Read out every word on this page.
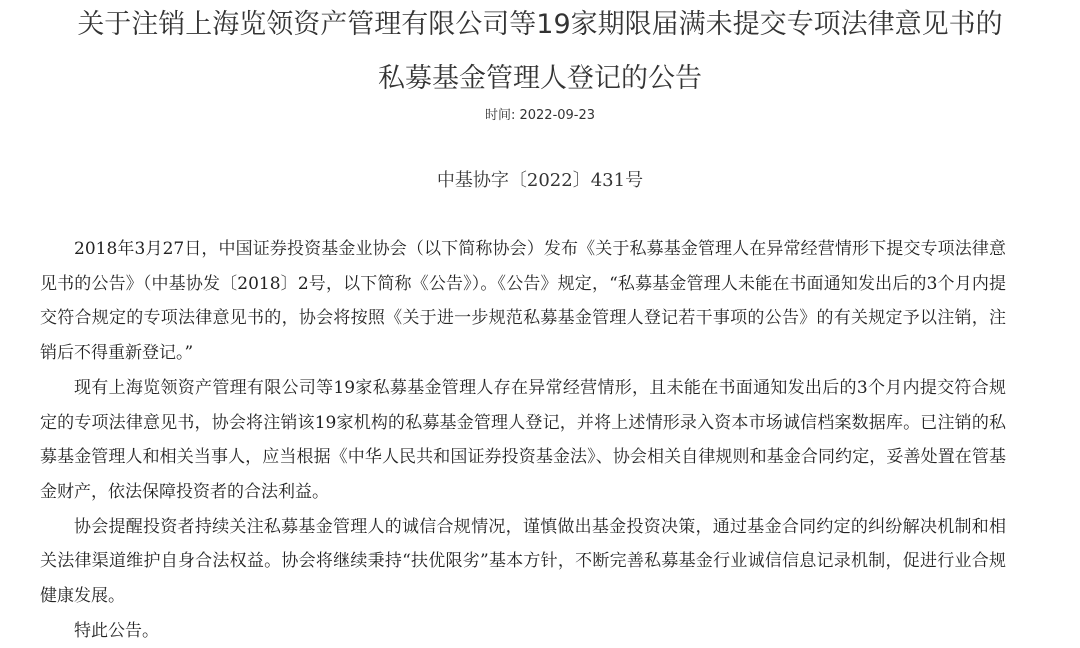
关于注销上海览领资产管理有限公司等19家期限届满未提交专项法律意见书的
私募基金管理人登记的公告
时间: 2022-09-23
中基协字〔2022〕431号

2018年3月27日，中国证券投资基金业协会（以下简称协会）发布《关于私募基金管理人在异常经营情形下提交专项法律意见书的公告》（中基协发〔2018〕2号，以下简称《公告》）。《公告》规定，“私募基金管理人未能在书面通知发出后的3个月内提交符合规定的专项法律意见书的，协会将按照《关于进一步规范私募基金管理人登记若干事项的公告》的有关规定予以注销，注销后不得重新登记。”

现有上海览领资产管理有限公司等19家私募基金管理人存在异常经营情形，且未能在书面通知发出后的3个月内提交符合规定的专项法律意见书，协会将注销该19家机构的私募基金管理人登记，并将上述情形录入资本市场诚信档案数据库。已注销的私募基金管理人和相关当事人，应当根据《中华人民共和国证券投资基金法》、协会相关自律规则和基金合同约定，妥善处置在管基金财产，依法保障投资者的合法利益。

协会提醒投资者持续关注私募基金管理人的诚信合规情况，谨慎做出基金投资决策，通过基金合同约定的纠纷解决机制和相关法律渠道维护自身合法权益。协会将继续秉持“扶优限劣”基本方针，不断完善私募基金行业诚信信息记录机制，促进行业合规健康发展。

特此公告。
